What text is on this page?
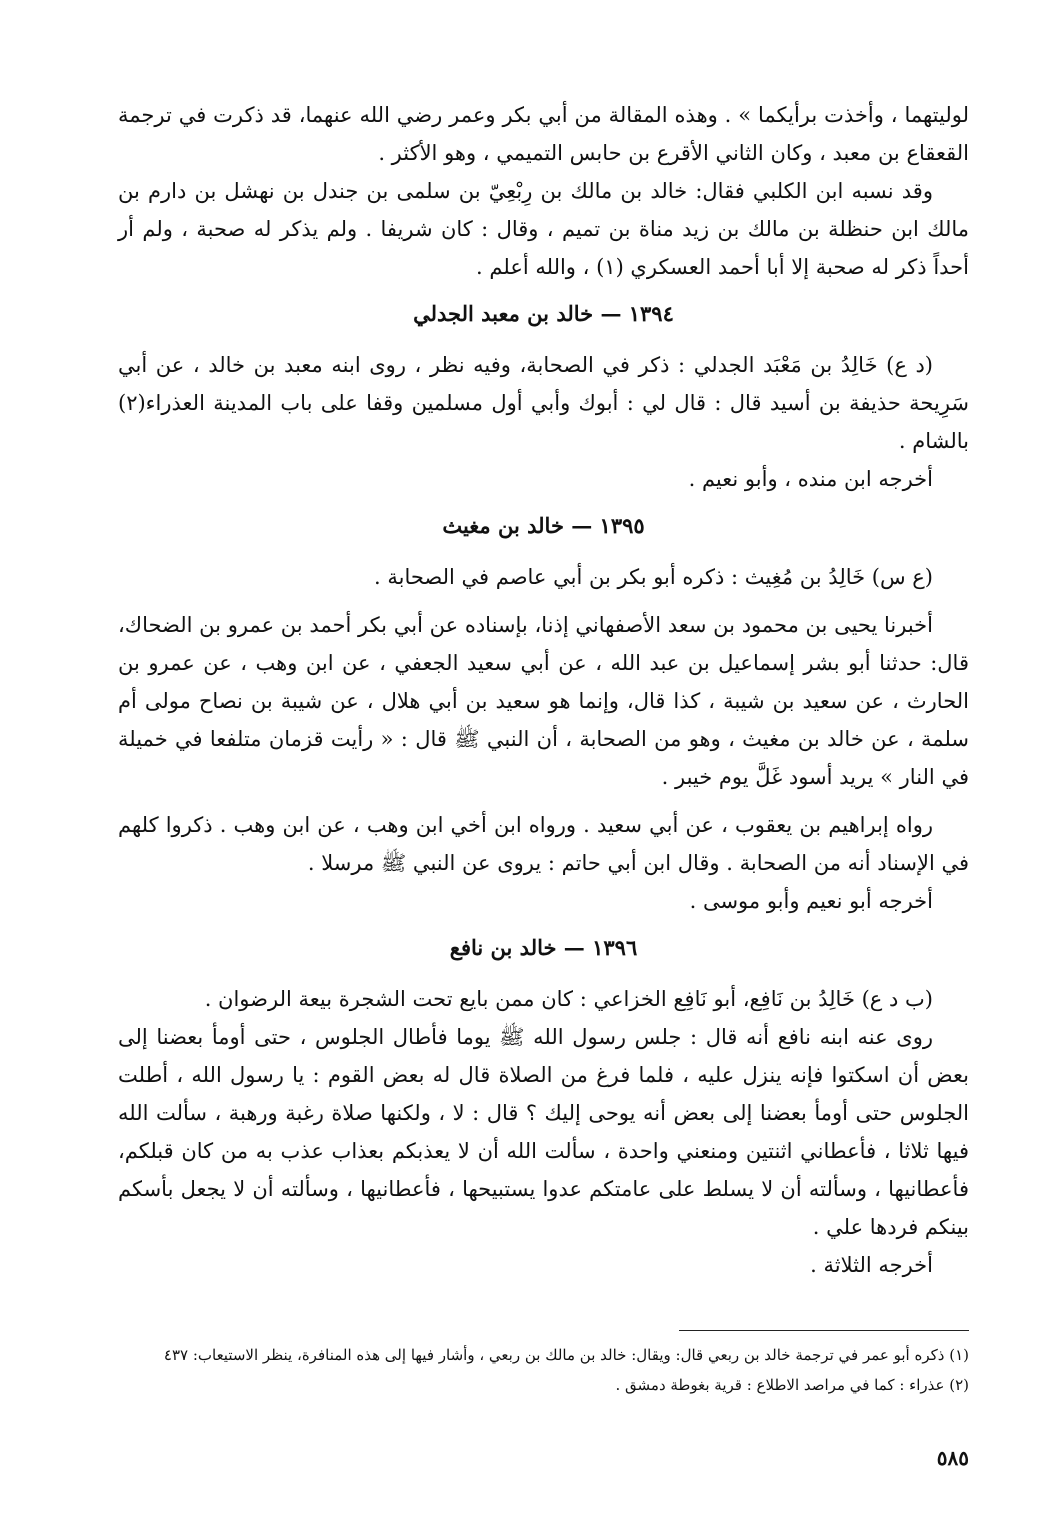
لوليتهما ، وأخذت برأيكما » . وهذه المقالة من أبي بكر وعمر رضي الله عنهما، قد ذكرت في ترجمة القعقاع بن معبد ، وكان الثاني الأقرع بن حابس التميمي ، وهو الأكثر .

وقد نسبه ابن الكلبي فقال: خالد بن مالك بن رِبْعِيّ بن سلمى بن جندل بن نهشل بن دارم بن مالك ابن حنظلة بن مالك بن زيد مناة بن تميم ، وقال : كان شريفا . ولم يذكر له صحبة ، ولم أر أحداً ذكر له صحبة إلا أبا أحمد العسكري (١) ، والله أعلم .

١٣٩٤ — خالد بن معبد الجدلي

(د ع) خَالِدُ بن مَعْبَد الجدلي : ذكر في الصحابة، وفيه نظر ، روى ابنه معبد بن خالد ، عن أبي سَرِيحة حذيفة بن أسيد قال : قال لي : أبوك وأبي أول مسلمين وقفا على باب المدينة العذراء(٢) بالشام .

أخرجه ابن منده ، وأبو نعيم .

١٣٩٥ — خالد بن مغيث

(ع س) خَالِدُ بن مُغِيث : ذكره أبو بكر بن أبي عاصم في الصحابة .

أخبرنا يحيى بن محمود بن سعد الأصفهاني إذنا، بإسناده عن أبي بكر أحمد بن عمرو بن الضحاك، قال: حدثنا أبو بشر إسماعيل بن عبد الله ، عن أبي سعيد الجعفي ، عن ابن وهب ، عن عمرو بن الحارث ، عن سعيد بن شيبة ، كذا قال، وإنما هو سعيد بن أبي هلال ، عن شيبة بن نصاح مولى أم سلمة ، عن خالد بن مغيث ، وهو من الصحابة ، أن النبي ﷺ قال : « رأيت قزمان متلفعا في خميلة في النار » يريد أسود غَلَّ يوم خيبر .

رواه إبراهيم بن يعقوب ، عن أبي سعيد . ورواه ابن أخي ابن وهب ، عن ابن وهب . ذكروا كلهم في الإسناد أنه من الصحابة . وقال ابن أبي حاتم : يروى عن النبي ﷺ مرسلا .

أخرجه أبو نعيم وأبو موسى .

١٣٩٦ — خالد بن نافع

(ب د ع) خَالِدُ بن نَافِع، أبو نَافِع الخزاعي : كان ممن بايع تحت الشجرة بيعة الرضوان .

روى عنه ابنه نافع أنه قال : جلس رسول الله ﷺ يوما فأطال الجلوس ، حتى أومأ بعضنا إلى بعض أن اسكتوا فإنه ينزل عليه ، فلما فرغ من الصلاة قال له بعض القوم : يا رسول الله ، أطلت الجلوس حتى أومأ بعضنا إلى بعض أنه يوحى إليك ؟ قال : لا ، ولكنها صلاة رغبة ورهبة ، سألت الله فيها ثلاثا ، فأعطاني اثنتين ومنعني واحدة ، سألت الله أن لا يعذبكم بعذاب عذب به من كان قبلكم، فأعطانيها ، وسألته أن لا يسلط على عامتكم عدوا يستبيحها ، فأعطانيها ، وسألته أن لا يجعل بأسكم بينكم فردها علي .

أخرجه الثلاثة .

(١) ذكره أبو عمر في ترجمة خالد بن ربعي قال: ويقال: خالد بن مالك بن ربعي ، وأشار فيها إلى هذه المنافرة، ينظر الاستيعاب: ٤٣٧

(٢) عذراء : كما في مراصد الاطلاع : قرية بغوطة دمشق .

٥٨٥
